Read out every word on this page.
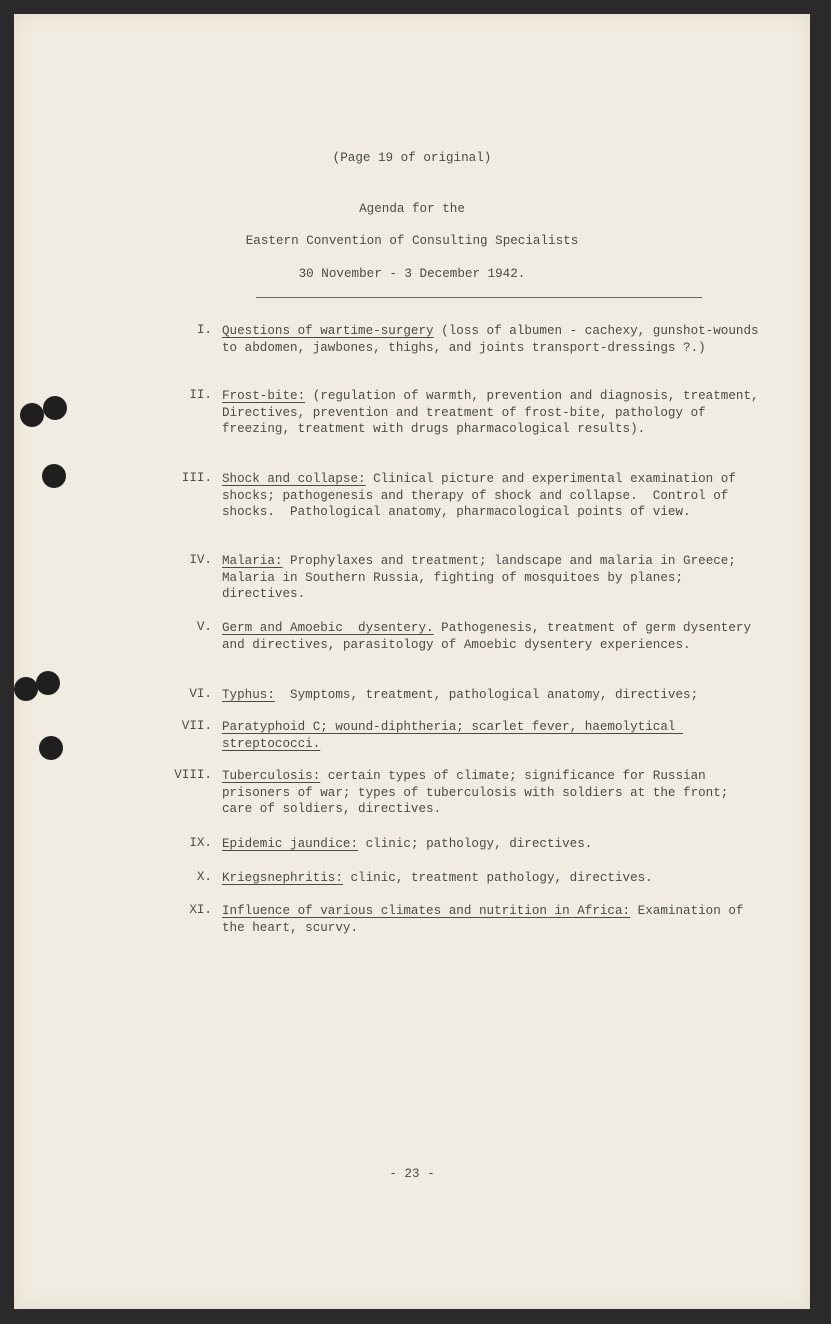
(Page 19 of original)
Agenda for the
Eastern Convention of Consulting Specialists
30 November - 3 December 1942.
I. Questions of wartime-surgery (loss of albumen - cachexy, gunshot-wounds to abdomen, jawbones, thighs, and joints transport-dressings ?.)
II. Frost-bite: (regulation of warmth, prevention and diagnosis, treatment, Directives, prevention and treatment of frost-bite, pathology of freezing, treatment with drugs pharmacological results).
III. Shock and collapse: Clinical picture and experimental examination of shocks; pathogenesis and therapy of shock and collapse.  Control of shocks.  Pathological anatomy, pharmacological points of view.
IV. Malaria: Prophylaxes and treatment; landscape and malaria in Greece; Malaria in Southern Russia, fighting of mosquitoes by planes; directives.
V. Germ and Amoebic  dysentery. Pathogenesis, treatment of germ dysentery and directives, parasitology of Amoebic dysentery experiences.
VI. Typhus:  Symptoms, treatment, pathological anatomy, directives;
VII. Paratyphoid C; wound-diphtheria; scarlet fever, haemolytical streptococci.
VIII. Tuberculosis: certain types of climate; significance for Russian prisoners of war; types of tuberculosis with soldiers at the front; care of soldiers, directives.
IX. Epidemic jaundice: clinic; pathology, directives.
X. Kriegsnephritis: clinic, treatment pathology, directives.
XI. Influence of various climates and nutrition in Africa: Examination of the heart, scurvy.
- 23 -
